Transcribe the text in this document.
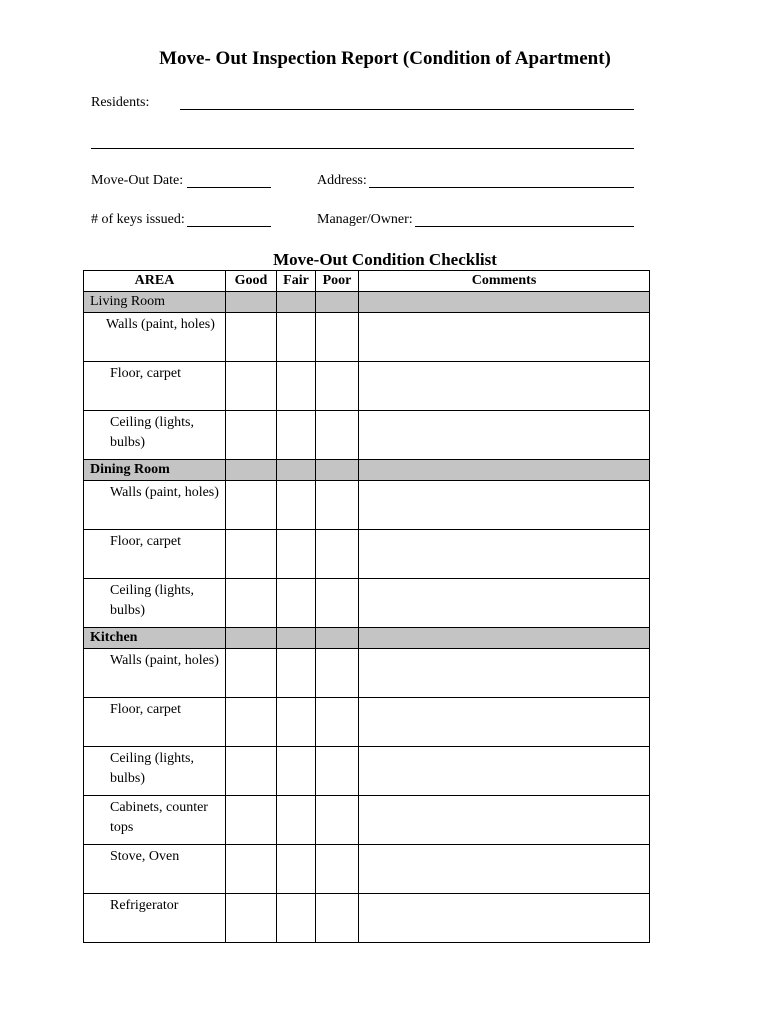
Move- Out Inspection Report (Condition of Apartment)
Residents:
Move-Out Date:	Address:
# of keys issued:	Manager/Owner:
Move-Out Condition Checklist
AREA	Good	Fair	Poor	Comments
Living Room				
Walls (paint, holes)				
Floor, carpet				
Ceiling (lights, bulbs)				
Dining Room				
Walls (paint, holes)				
Floor, carpet				
Ceiling (lights, bulbs)				
Kitchen				
Walls (paint, holes)				
Floor, carpet				
Ceiling (lights, bulbs)				
Cabinets, counter tops				
Stove, Oven				
Refrigerator				
